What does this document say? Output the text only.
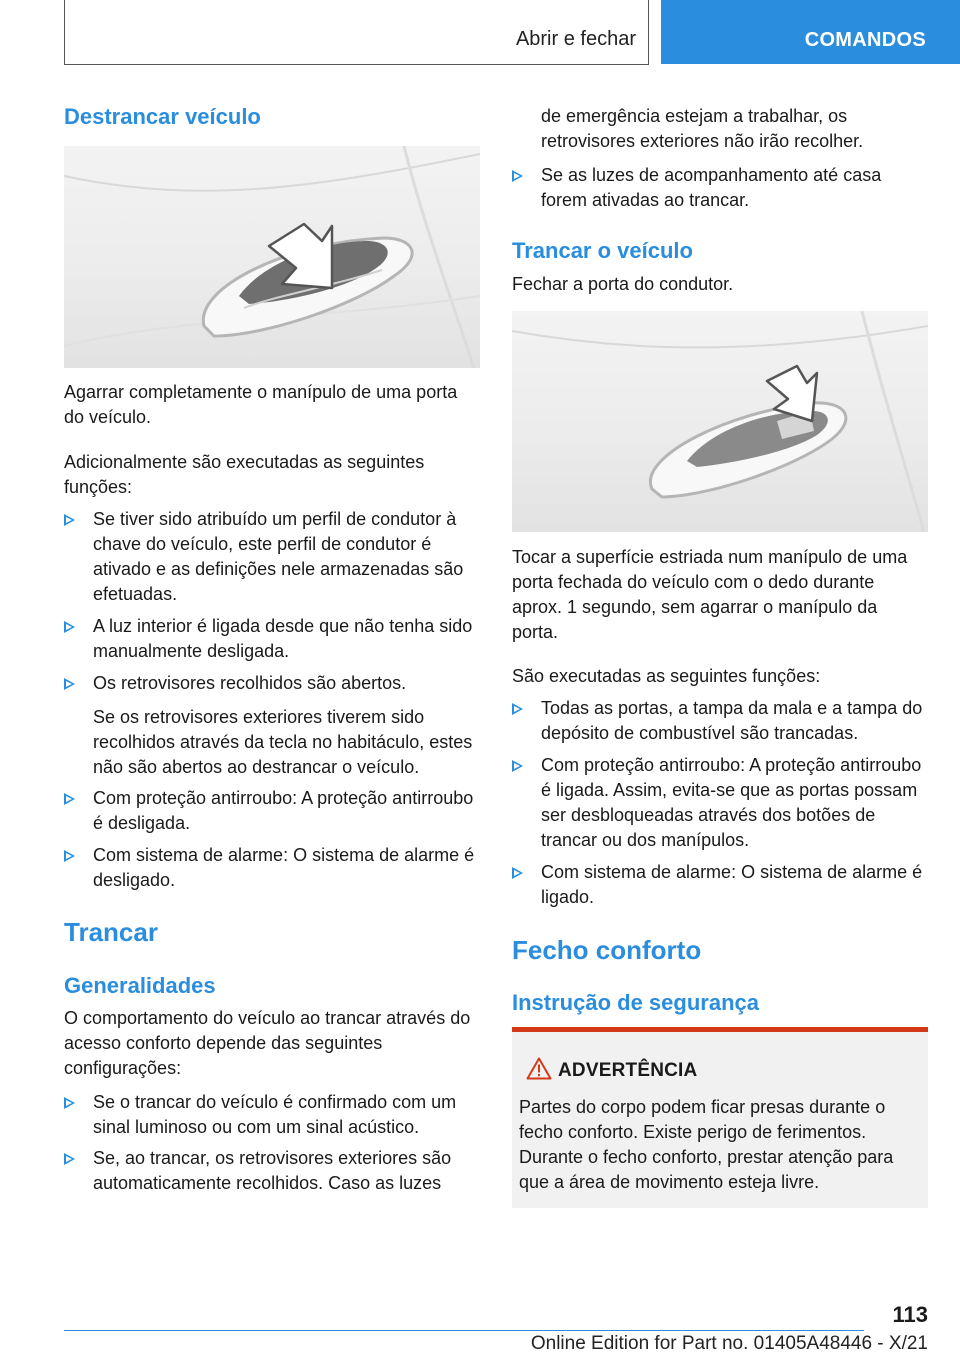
Abrir e fechar	COMANDOS
Destrancar veículo
Agarrar completamente o manípulo de uma porta do veículo.
Adicionalmente são executadas as seguintes funções:
Se tiver sido atribuído um perfil de condutor à chave do veículo, este perfil de condutor é ativado e as definições nele armazenadas são efetuadas.
A luz interior é ligada desde que não tenha sido manualmente desligada.
Os retrovisores recolhidos são abertos.
Se os retrovisores exteriores tiverem sido recolhidos através da tecla no habitáculo, estes não são abertos ao destrancar o veículo.
Com proteção antirroubo: A proteção antirroubo é desligada.
Com sistema de alarme: O sistema de alarme é desligado.
Trancar
Generalidades
O comportamento do veículo ao trancar através do acesso conforto depende das seguintes configurações:
Se o trancar do veículo é confirmado com um sinal luminoso ou com um sinal acústico.
Se, ao trancar, os retrovisores exteriores são automaticamente recolhidos. Caso as luzes
de emergência estejam a trabalhar, os retrovisores exteriores não irão recolher.
Se as luzes de acompanhamento até casa forem ativadas ao trancar.
Trancar o veículo
Fechar a porta do condutor.
Tocar a superfície estriada num manípulo de uma porta fechada do veículo com o dedo durante aprox. 1 segundo, sem agarrar o manípulo da porta.
São executadas as seguintes funções:
Todas as portas, a tampa da mala e a tampa do depósito de combustível são trancadas.
Com proteção antirroubo: A proteção antirroubo é ligada. Assim, evita-se que as portas possam ser desbloqueadas através dos botões de trancar ou dos manípulos.
Com sistema de alarme: O sistema de alarme é ligado.
Fecho conforto
Instrução de segurança
ADVERTÊNCIA
Partes do corpo podem ficar presas durante o fecho conforto. Existe perigo de ferimentos. Durante o fecho conforto, prestar atenção para que a área de movimento esteja livre.
113
Online Edition for Part no. 01405A48446 - X/21
